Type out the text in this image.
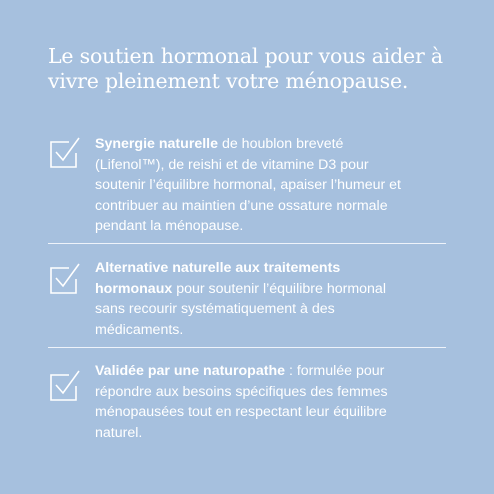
Le soutien hormonal pour vous aider à
vivre pleinement votre ménopause.
Synergie naturelle de houblon breveté
(Lifenol™), de reishi et de vitamine D3 pour
soutenir l’équilibre hormonal, apaiser l’humeur et
contribuer au maintien d’une ossature normale
pendant la ménopause.
Alternative naturelle aux traitements
hormonaux pour soutenir l’équilibre hormonal
sans recourir systématiquement à des
médicaments.
Validée par une naturopathe : formulée pour
répondre aux besoins spécifiques des femmes
ménopausées tout en respectant leur équilibre
naturel.
